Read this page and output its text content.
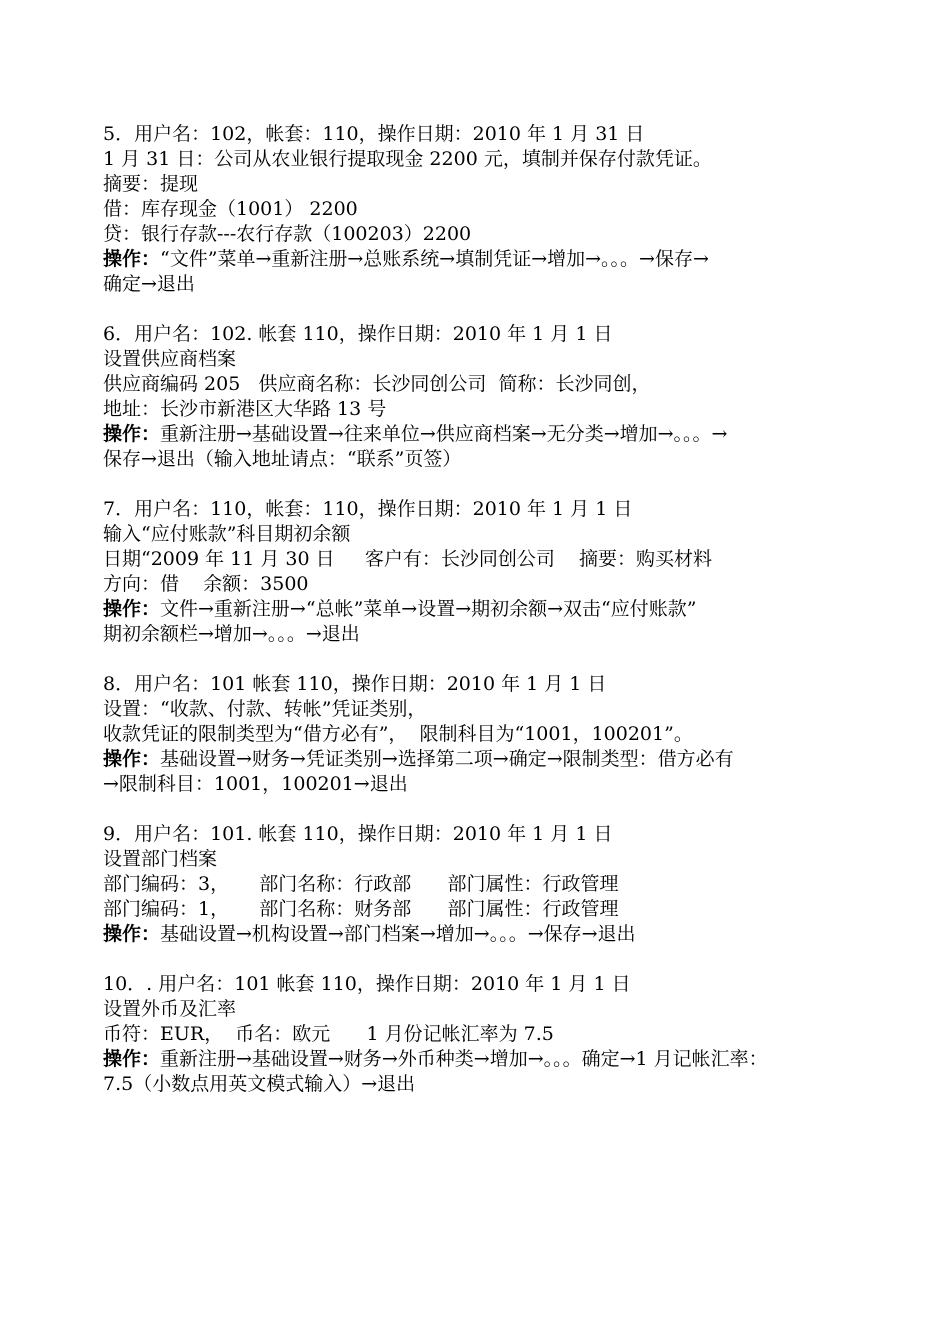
5．用户名：102，帐套：110，操作日期：2010 年 1 月 31 日
1 月 31 日：公司从农业银行提取现金 2200 元，填制并保存付款凭证。
摘要：提现
借：库存现金（1001） 2200
贷：银行存款---农行存款（100203）2200
操作：“文件”菜单→重新注册→总账系统→填制凭证→增加→。。。→保存→
确定→退出
6．用户名：102. 帐套 110，操作日期：2010 年 1 月 1 日
设置供应商档案
供应商编码 205   供应商名称：长沙同创公司  简称：长沙同创，
地址：长沙市新港区大华路 13 号
操作：重新注册→基础设置→往来单位→供应商档案→无分类→增加→。。。→
保存→退出（输入地址请点：“联系”页签）
7．用户名：110，帐套：110，操作日期：2010 年 1 月 1 日
输入“应付账款”科目期初余额
日期“2009 年 11 月 30 日     客户有：长沙同创公司    摘要：购买材料
方向：借    余额：3500
操作：文件→重新注册→“总帐”菜单→设置→期初余额→双击“应付账款”
期初余额栏→增加→。。。→退出
8．用户名：101 帐套 110，操作日期：2010 年 1 月 1 日
设置：“收款、付款、转帐”凭证类别，
收款凭证的限制类型为“借方必有”，  限制科目为“1001，100201”。
操作：基础设置→财务→凭证类别→选择第二项→确定→限制类型：借方必有
→限制科目：1001，100201→退出
9．用户名：101. 帐套 110，操作日期：2010 年 1 月 1 日
设置部门档案
部门编码：3，     部门名称：行政部      部门属性：行政管理
部门编码：1，     部门名称：财务部      部门属性：行政管理
操作：基础设置→机构设置→部门档案→增加→。。。→保存→退出
10．. 用户名：101 帐套 110，操作日期：2010 年 1 月 1 日
设置外币及汇率
币符：EUR，  币名：欧元      1 月份记帐汇率为 7.5
操作：重新注册→基础设置→财务→外币种类→增加→。。。确定→1 月记帐汇率：
7.5（小数点用英文模式输入）→退出
